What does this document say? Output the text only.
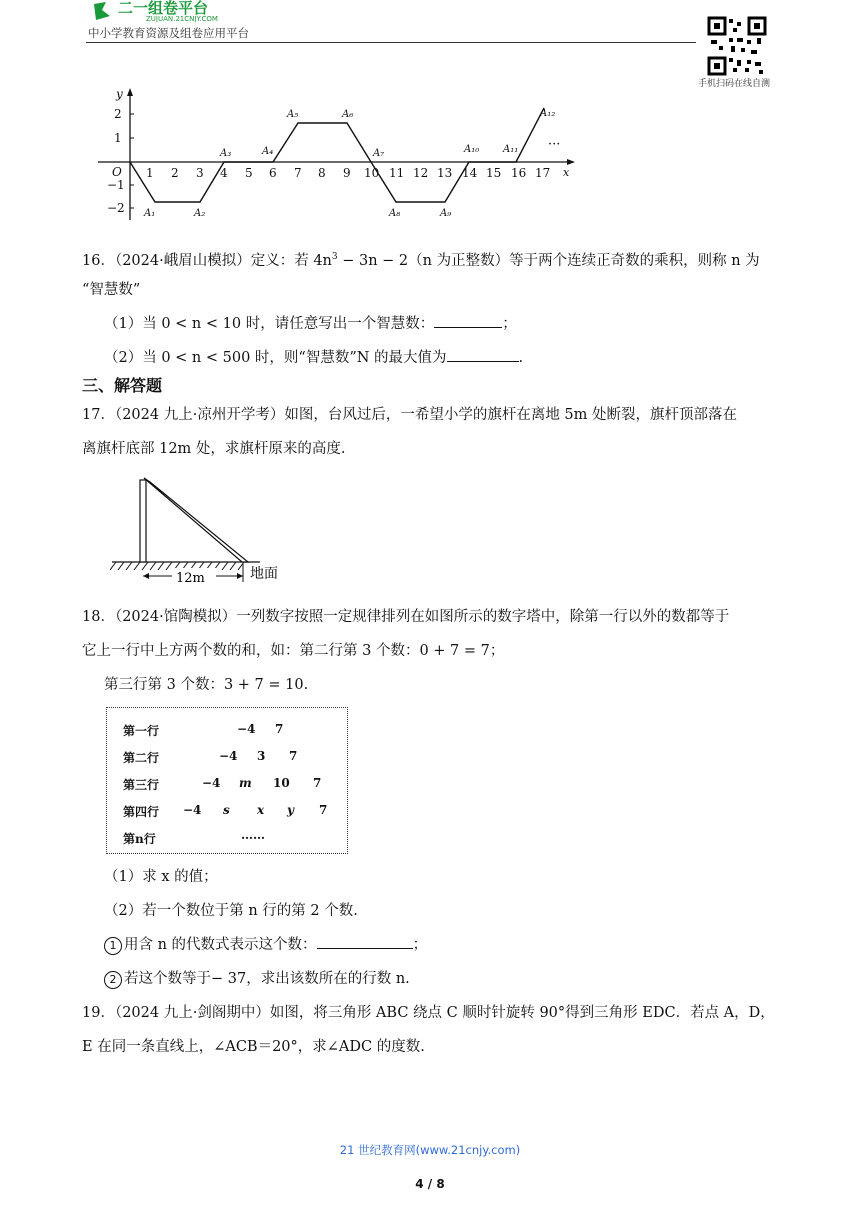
二一组卷平台
ZUJUAN.21CNJY.COM
中小学教育资源及组卷应用平台
手机扫码在线自测
y
x
O
2
1
−1
−2
1 2 3 4 5 6 7 8 9 10 11 12 13 14 15 16 17
A₁	A₂
A₃	A₄
A₅	A₆
A₇
A₈	A₉
A₁₀ A₁₁
A₁₂
···
16．（2024·峨眉山模拟）定义：若 $4n^3 - 3n - 2(n$ 为正整数）等于两个连续正奇数的乘积，则称 n 为
“智慧数”
（1）当 0 < n < 10 时，请任意写出一个智慧数：	；
（2）当 0 < n < 500 时，则“智慧数”N 的最大值为	.
三、解答题
17．（2024 九上·凉州开学考）如图，台风过后，一希望小学的旗杆在离地 5m 处断裂，旗杆顶部落在
离旗杆底部 12m 处，求旗杆原来的高度.
12m	地面
18．（2024·馆陶模拟）一列数字按照一定规律排列在如图所示的数字塔中，除第一行以外的数都等于
它上一行中上方两个数的和，如：第二行第 3 个数：0 + 7 = 7；
第三行第 3 个数：3 + 7 = 10.
第一行	−4 7
第二行	−4 3 7
第三行	−4 m 10 7
第四行 −4 s x y 7
第n行	……
（1）求 x 的值；
（2）若一个数位于第 n 行的第 2 个数.
1 用含 n 的代数式表示这个数：	；
2 若这个数等于− 37，求出该数所在的行数 n.
19．（2024 九上·剑阁期中）如图，将三角形 ABC 绕点 C 顺时针旋转 90°得到三角形 EDC．若点 A，D，
E 在同一条直线上，∠ACB＝20°，求∠ADC 的度数.
21 世纪教育网(www.21cnjy.com)
4 / 8
